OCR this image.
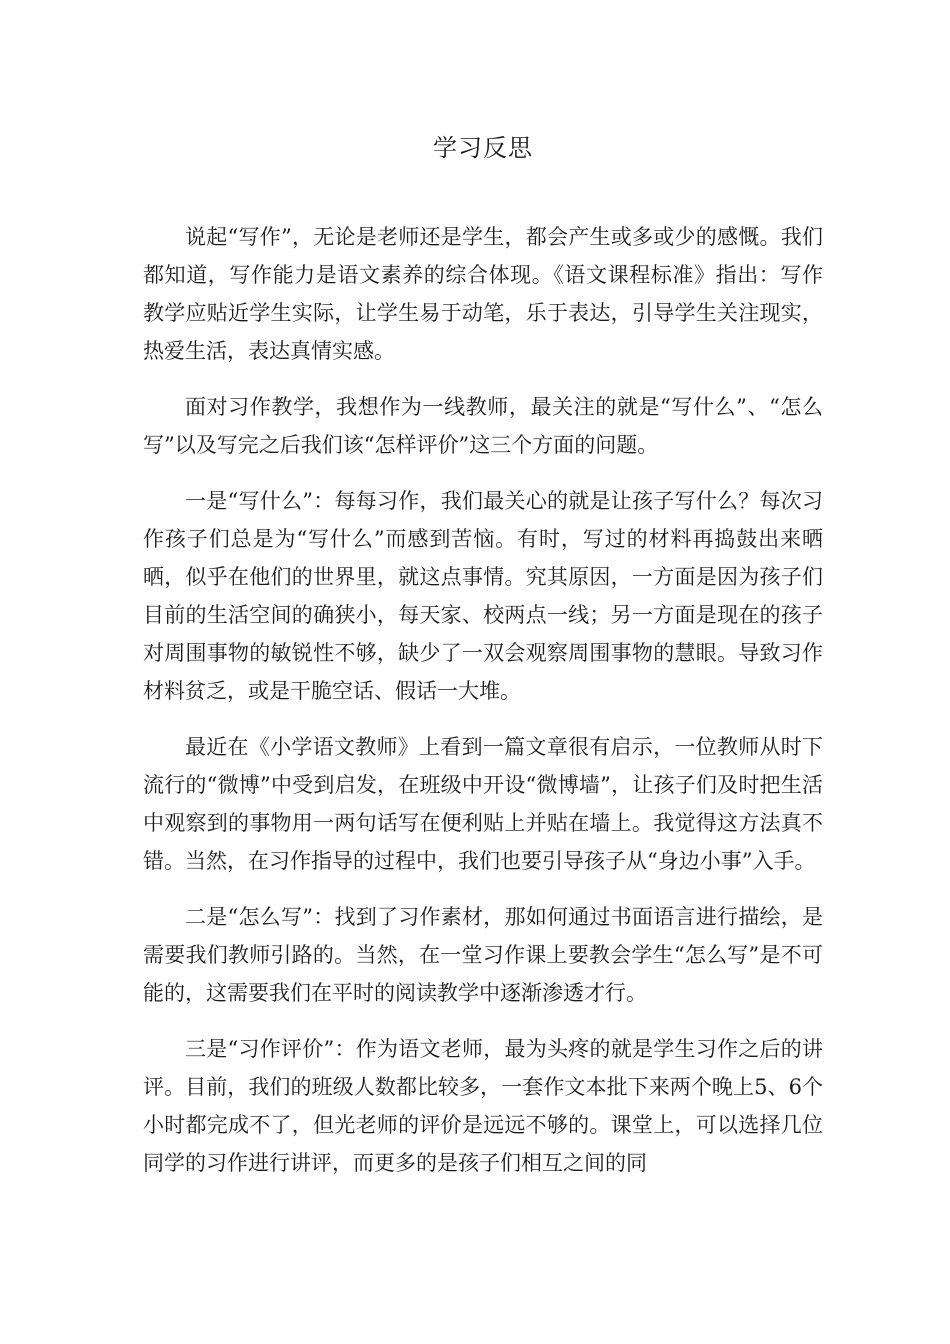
学习反思

说起“写作”，无论是老师还是学生，都会产生或多或少的感慨。我们都知道，写作能力是语文素养的综合体现。《语文课程标准》指出：写作教学应贴近学生实际，让学生易于动笔，乐于表达，引导学生关注现实，热爱生活，表达真情实感。

面对习作教学，我想作为一线教师，最关注的就是“写什么”、“怎么写”以及写完之后我们该“怎样评价”这三个方面的问题。

一是“写什么”：每每习作，我们最关心的就是让孩子写什么？每次习作孩子们总是为“写什么”而感到苦恼。有时，写过的材料再捣鼓出来晒晒，似乎在他们的世界里，就这点事情。究其原因，一方面是因为孩子们目前的生活空间的确狭小，每天家、校两点一线；另一方面是现在的孩子对周围事物的敏锐性不够，缺少了一双会观察周围事物的慧眼。导致习作材料贫乏，或是干脆空话、假话一大堆。

最近在《小学语文教师》上看到一篇文章很有启示，一位教师从时下流行的“微博”中受到启发，在班级中开设“微博墙”，让孩子们及时把生活中观察到的事物用一两句话写在便利贴上并贴在墙上。我觉得这方法真不错。当然，在习作指导的过程中，我们也要引导孩子从“身边小事”入手。

二是“怎么写”：找到了习作素材，那如何通过书面语言进行描绘，是需要我们教师引路的。当然，在一堂习作课上要教会学生“怎么写”是不可能的，这需要我们在平时的阅读教学中逐渐渗透才行。

三是“习作评价”：作为语文老师，最为头疼的就是学生习作之后的讲评。目前，我们的班级人数都比较多，一套作文本批下来两个晚上5、6个小时都完成不了，但光老师的评价是远远不够的。课堂上，可以选择几位同学的习作进行讲评，而更多的是孩子们相互之间的同
